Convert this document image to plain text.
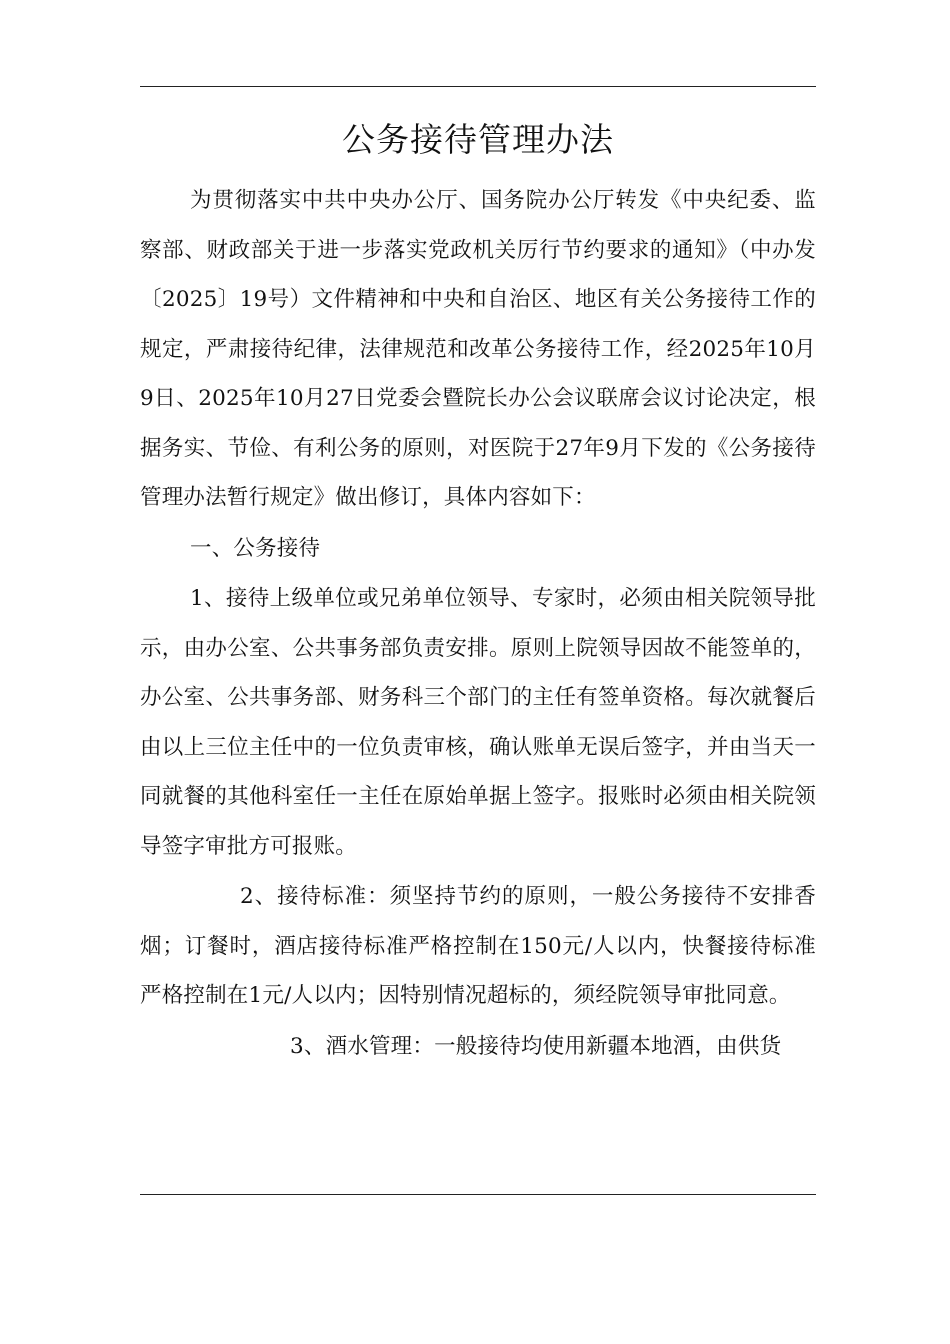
公务接待管理办法

为贯彻落实中共中央办公厅、国务院办公厅转发《中央纪委、监察部、财政部关于进一步落实党政机关厉行节约要求的通知》（中办发〔2025〕19号）文件精神和中央和自治区、地区有关公务接待工作的规定，严肃接待纪律，法律规范和改革公务接待工作，经2025年10月9日、2025年10月27日党委会暨院长办公会议联席会议讨论决定，根据务实、节俭、有利公务的原则，对医院于27年9月下发的《公务接待管理办法暂行规定》做出修订，具体内容如下：

一、公务接待

1、接待上级单位或兄弟单位领导、专家时，必须由相关院领导批示，由办公室、公共事务部负责安排。原则上院领导因故不能签单的，办公室、公共事务部、财务科三个部门的主任有签单资格。每次就餐后由以上三位主任中的一位负责审核，确认账单无误后签字，并由当天一同就餐的其他科室任一主任在原始单据上签字。报账时必须由相关院领导签字审批方可报账。

2、接待标准：须坚持节约的原则，一般公务接待不安排香烟；订餐时，酒店接待标准严格控制在150元/人以内，快餐接待标准严格控制在1元/人以内；因特别情况超标的，须经院领导审批同意。

3、酒水管理：一般接待均使用新疆本地酒，由供货
